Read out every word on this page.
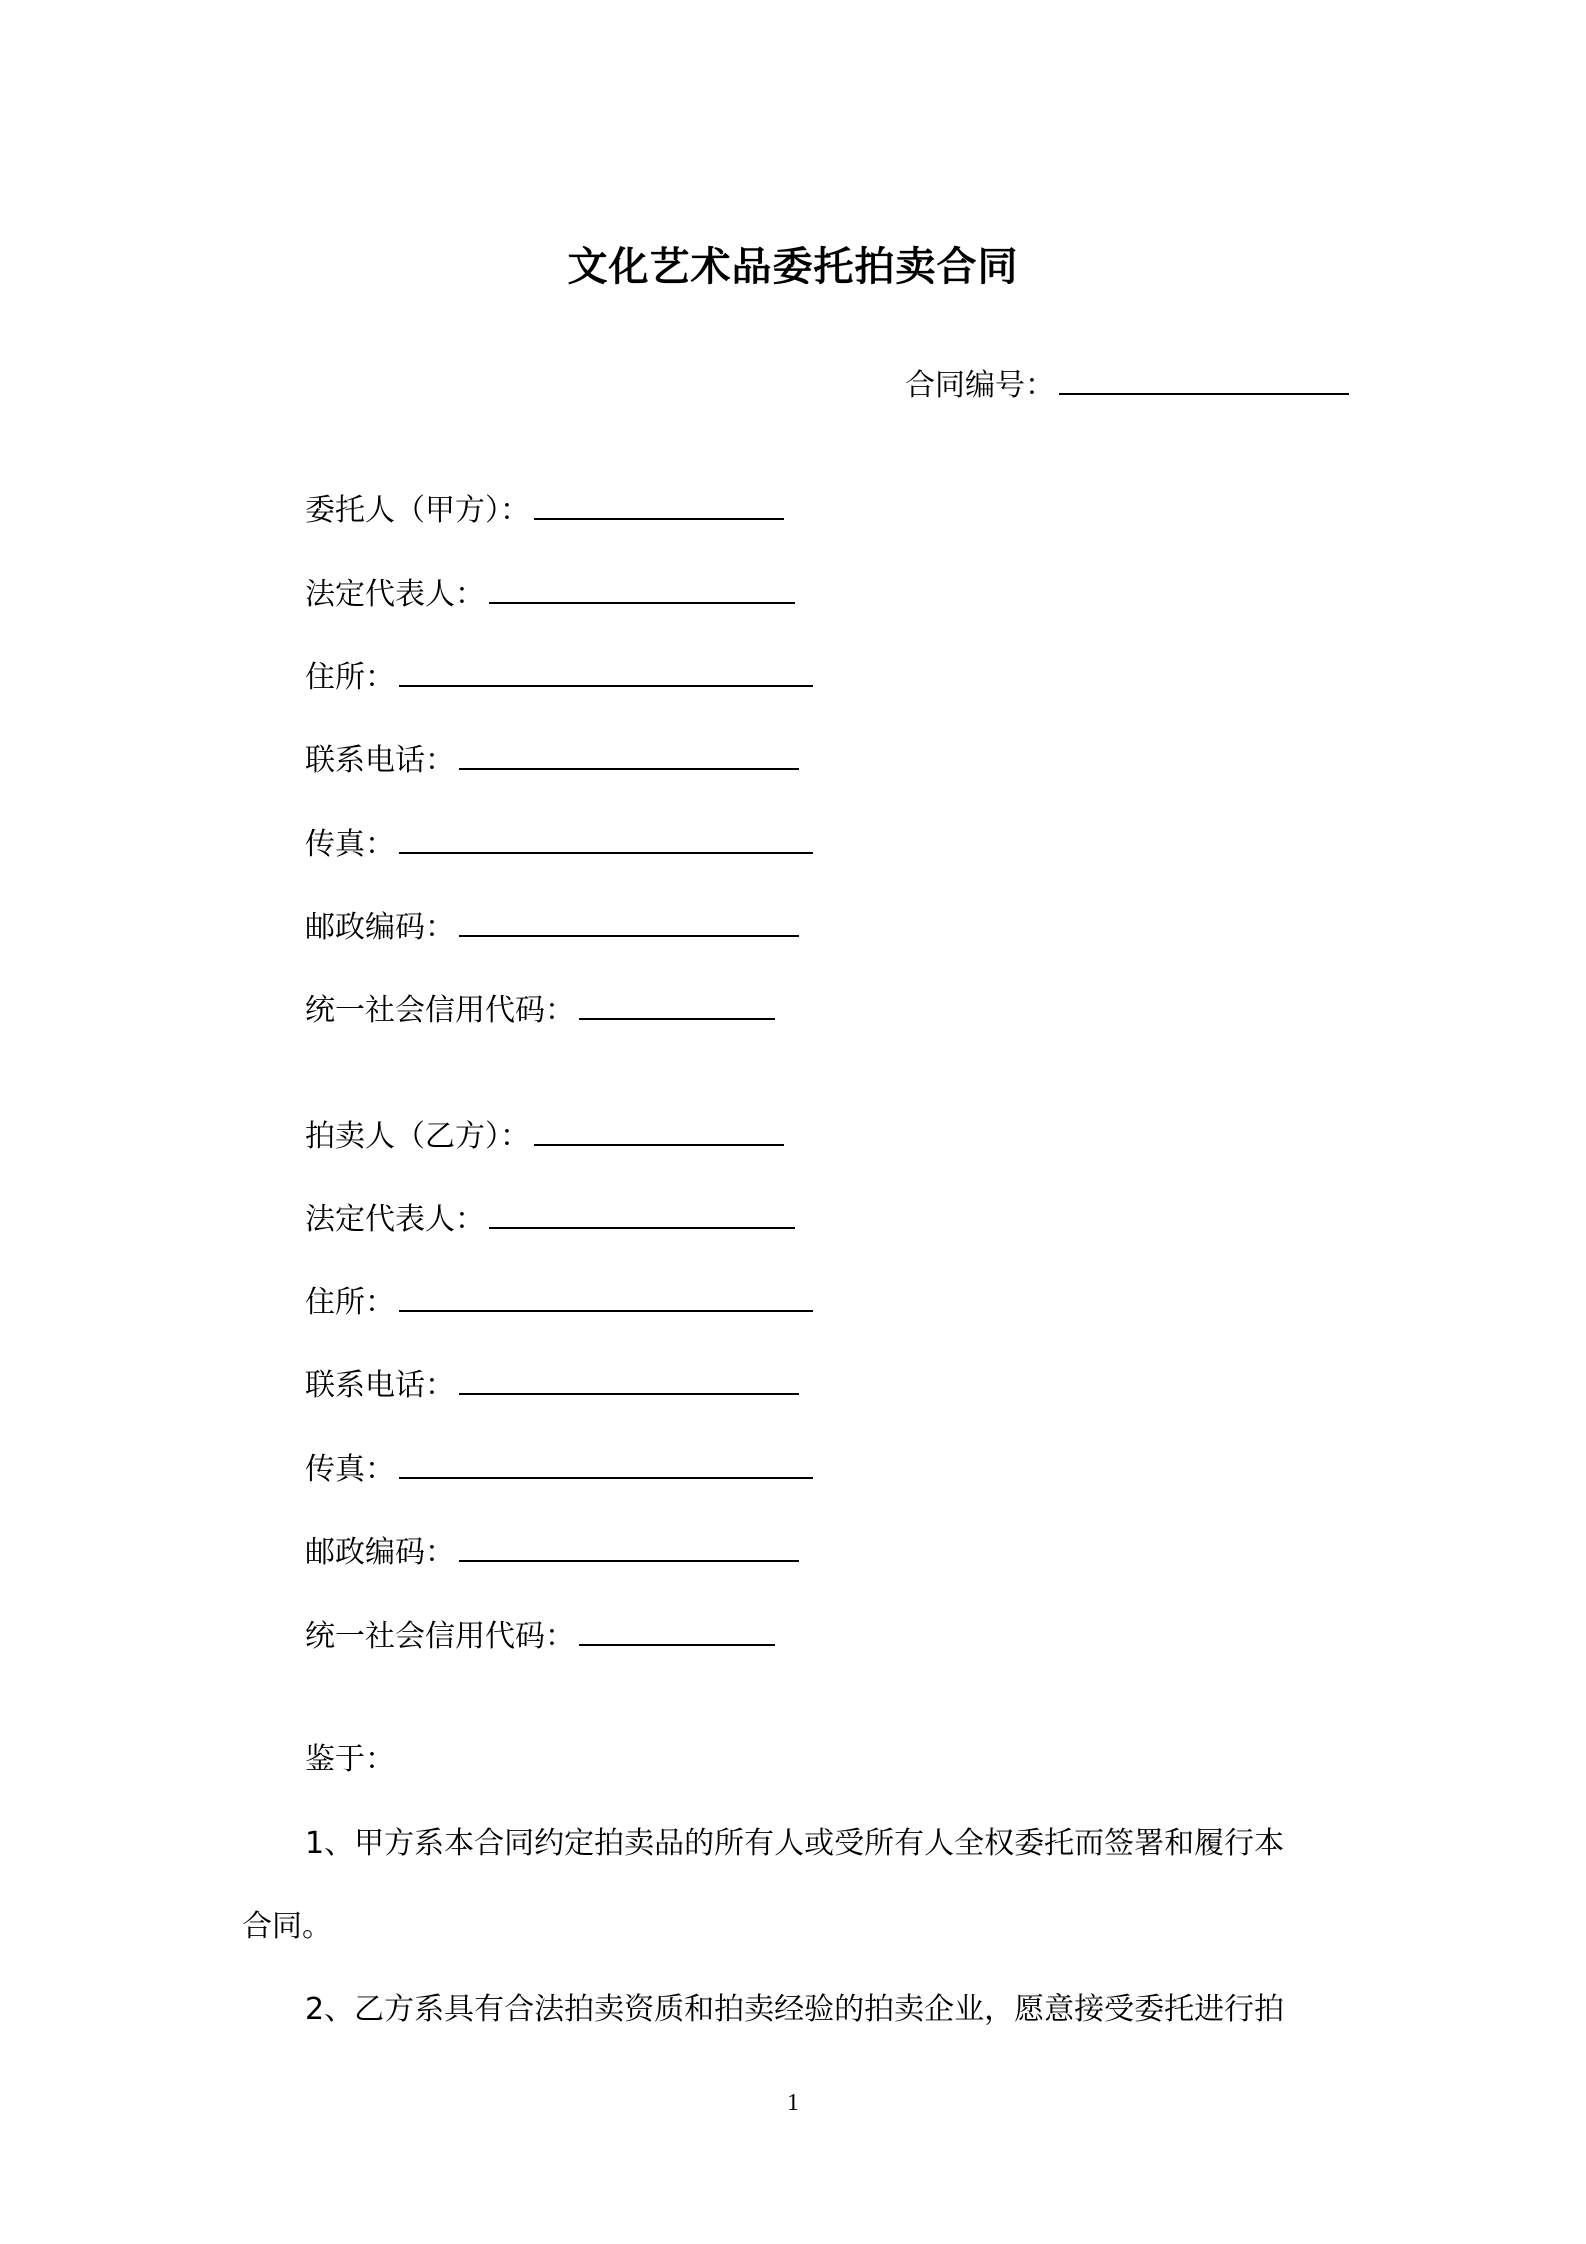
文化艺术品委托拍卖合同
合同编号：
委托人（甲方）：
法定代表人：
住所：
联系电话：
传真：
邮政编码：
统一社会信用代码：
拍卖人（乙方）：
法定代表人：
住所：
联系电话：
传真：
邮政编码：
统一社会信用代码：
鉴于：
1、甲方系本合同约定拍卖品的所有人或受所有人全权委托而签署和履行本
合同。
2、乙方系具有合法拍卖资质和拍卖经验的拍卖企业，愿意接受委托进行拍
1
